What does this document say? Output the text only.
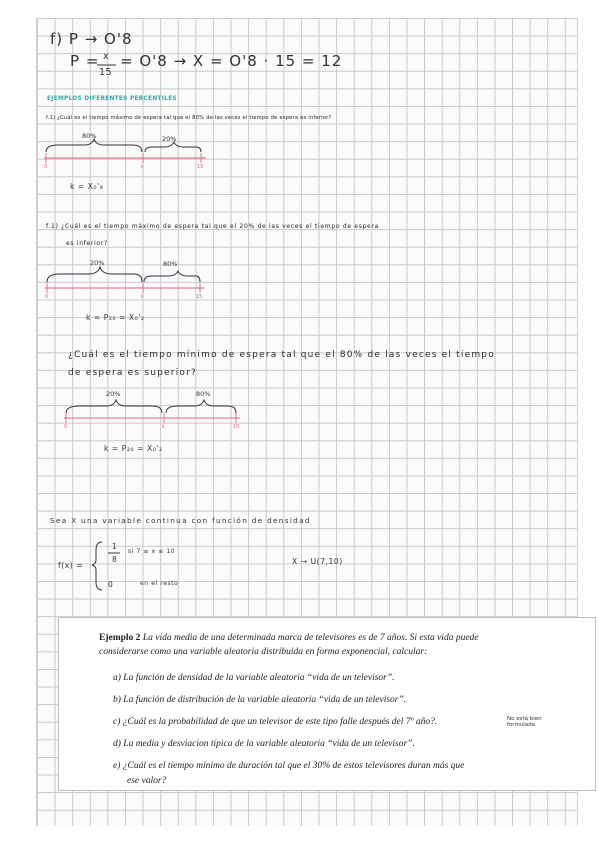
f) P → O'8
P = x
15
= O'8 → X = O'8 · 15 = 12
EJEMPLOS DIFERENTES PERCENTILES
f.1) ¿Cuál es el tiempo máximo de espera tal que el 80% de las veces el tiempo de espera es inferior?
80%	20%
0	k	15
k = X₀'₈
f.1) ¿Cuál es el tiempo máximo de espera tal que el 20% de las veces el tiempo de espera
es inferior?
20%	80%
0	k	15
k = P₂₀ = X₀'₂
¿Cuál es el tiempo mínimo de espera tal que el 80% de las veces el tiempo
de espera es superior?
20%	80%
0	k	15
k = P₂₀ = X₀'₂
Sea X una variable continua con función de densidad
f(x) =
1
8
si 7 ≤ x ≤ 10
0	en el resto
X → U(7,10)
Ejemplo 2 La vida media de una determinada marca de televisores es de 7 años. Si esta vida puede considerarse como una variable aleatoria distribuida en forma exponencial, calcular:
a) La función de densidad de la variable aleatoria “vida de un televisor”.
b) La función de distribución de la variable aleatoria “vida de un televisor”.
c) ¿Cuál es la probabilidad de que un televisor de este tipo falle después del 7º año?.
d) La media y desviacion típica de la variable aleatoria “vida de un televisor”.
e) ¿Cuál es el tiempo mínimo de duración tal que el 30% de estos televisores duran más que
ese valor?
No está bien formulada
